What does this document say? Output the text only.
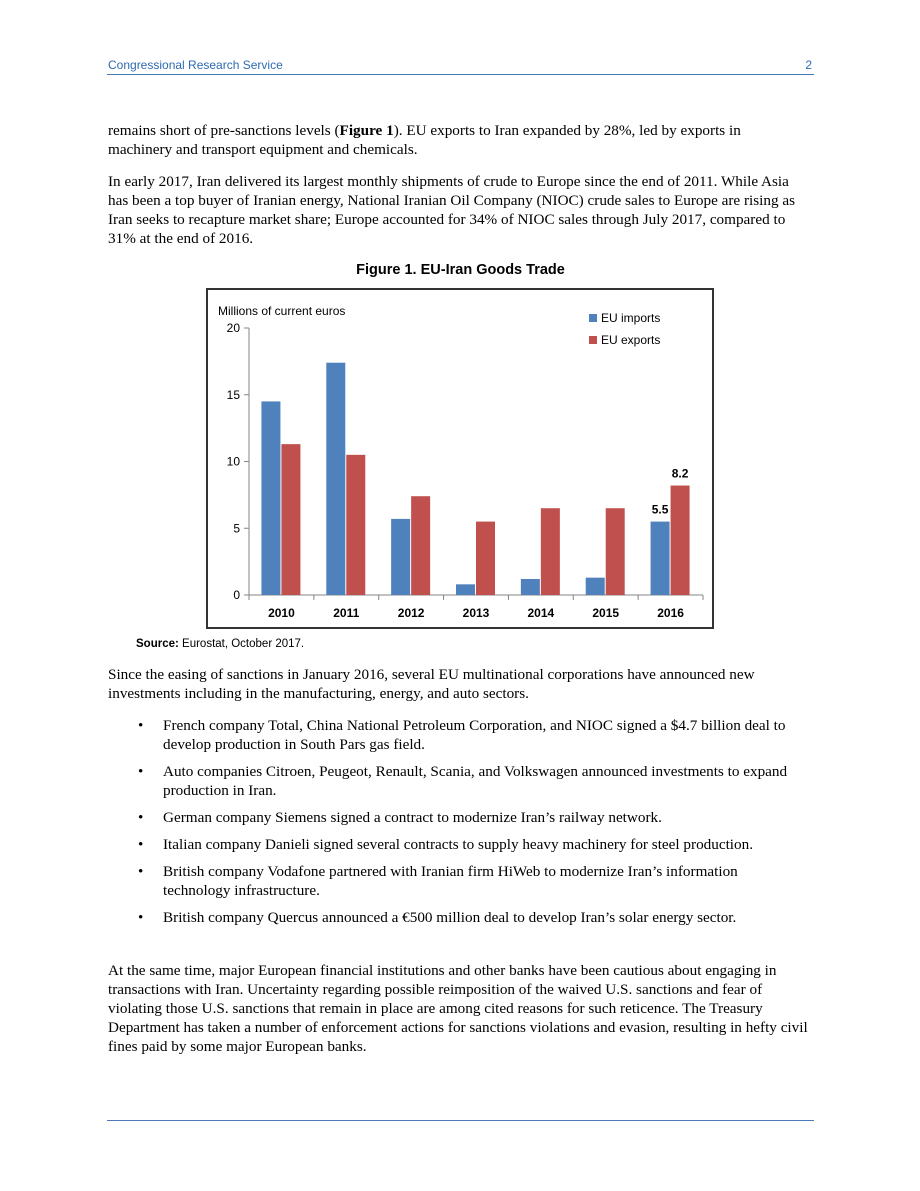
Congressional Research Service	2
remains short of pre-sanctions levels (Figure 1). EU exports to Iran expanded by 28%, led by exports in machinery and transport equipment and chemicals.
In early 2017, Iran delivered its largest monthly shipments of crude to Europe since the end of 2011. While Asia has been a top buyer of Iranian energy, National Iranian Oil Company (NIOC) crude sales to Europe are rising as Iran seeks to recapture market share; Europe accounted for 34% of NIOC sales through July 2017, compared to 31% at the end of 2016.
Figure 1. EU-Iran Goods Trade
0
5
10
15
20
Millions of current euros
2010	2011	2012	2013	2014	2015	2016
5.5
8.2
EU imports
EU exports
Source: Eurostat, October 2017.
Since the easing of sanctions in January 2016, several EU multinational corporations have announced new investments including in the manufacturing, energy, and auto sectors.
• French company Total, China National Petroleum Corporation, and NIOC signed a $4.7 billion deal to develop production in South Pars gas field.
• Auto companies Citroen, Peugeot, Renault, Scania, and Volkswagen announced investments to expand production in Iran.
• German company Siemens signed a contract to modernize Iran’s railway network.
• Italian company Danieli signed several contracts to supply heavy machinery for steel production.
• British company Vodafone partnered with Iranian firm HiWeb to modernize Iran’s information technology infrastructure.
• British company Quercus announced a €500 million deal to develop Iran’s solar energy sector.
At the same time, major European financial institutions and other banks have been cautious about engaging in transactions with Iran. Uncertainty regarding possible reimposition of the waived U.S. sanctions and fear of violating those U.S. sanctions that remain in place are among cited reasons for such reticence. The Treasury Department has taken a number of enforcement actions for sanctions violations and evasion, resulting in hefty civil fines paid by some major European banks.
